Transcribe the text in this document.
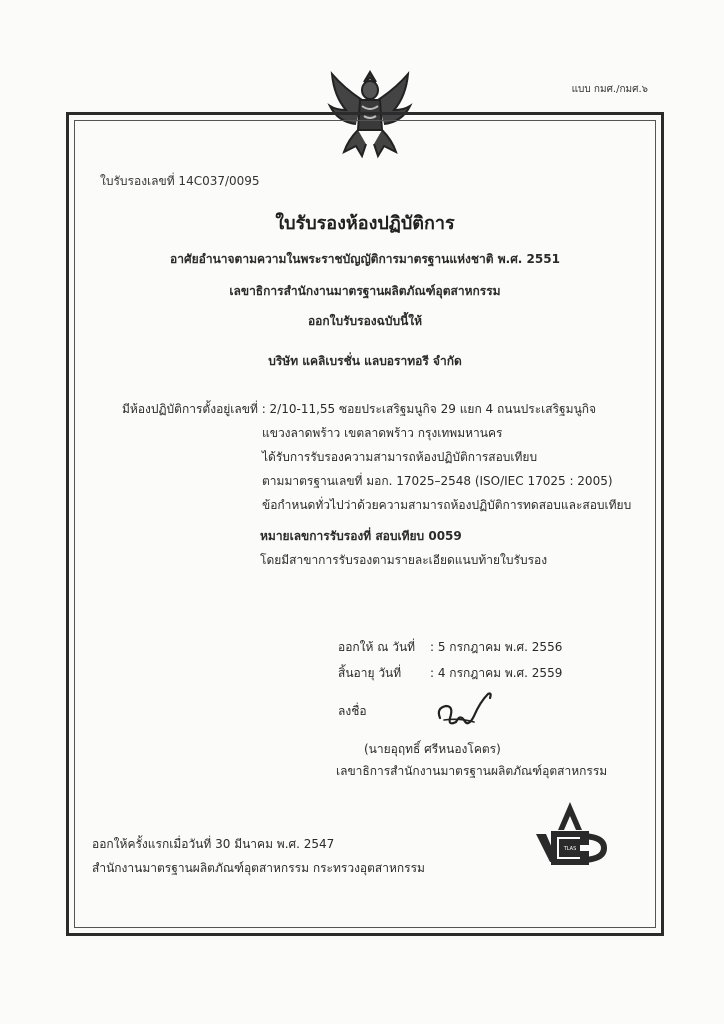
แบบ กมศ./กมศ.๖
ใบรับรองเลขที่ 14C037/0095
ใบรับรองห้องปฏิบัติการ
อาศัยอำนาจตามความในพระราชบัญญัติการมาตรฐานแห่งชาติ พ.ศ. 2551
เลขาธิการสำนักงานมาตรฐานผลิตภัณฑ์อุตสาหกรรม
ออกใบรับรองฉบับนี้ให้
บริษัท แคลิเบรชั่น แลบอราทอรี จำกัด
มีห้องปฏิบัติการตั้งอยู่เลขที่ : 2/10-11,55 ซอยประเสริฐมนูกิจ 29 แยก 4 ถนนประเสริฐมนูกิจ
แขวงลาดพร้าว เขตลาดพร้าว กรุงเทพมหานคร
ได้รับการรับรองความสามารถห้องปฏิบัติการสอบเทียบ
ตามมาตรฐานเลขที่ มอก. 17025–2548 (ISO/IEC 17025 : 2005)
ข้อกำหนดทั่วไปว่าด้วยความสามารถห้องปฏิบัติการทดสอบและสอบเทียบ
หมายเลขการรับรองที่ สอบเทียบ 0059
โดยมีสาขาการรับรองตามรายละเอียดแนบท้ายใบรับรอง
ออกให้ ณ วันที่	: 5 กรกฎาคม พ.ศ. 2556
สิ้นอายุ วันที่	: 4 กรกฎาคม พ.ศ. 2559
ลงชื่อ
(นายอุฤทธิ์ ศรีหนองโคตร)
เลขาธิการสำนักงานมาตรฐานผลิตภัณฑ์อุตสาหกรรม
ออกให้ครั้งแรกเมื่อวันที่ 30 มีนาคม พ.ศ. 2547
สำนักงานมาตรฐานผลิตภัณฑ์อุตสาหกรรม กระทรวงอุตสาหกรรม
TLAS
